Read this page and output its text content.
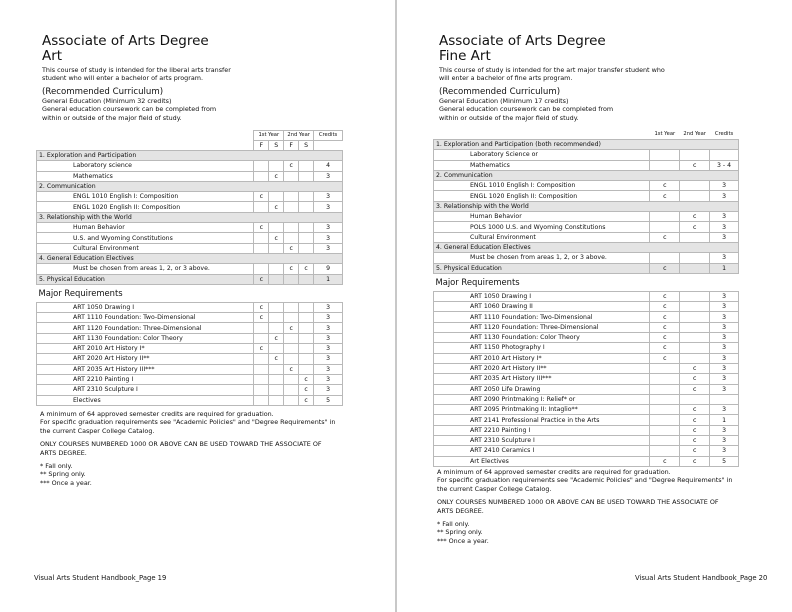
Associate of Arts Degree
Art
This course of study is intended for the liberal arts transfer
student who will enter a bachelor of arts program.
(Recommended Curriculum)
General Education (Minimum 32 credits)
General education coursework can be completed from
within or outside of the major field of study.
	1st Year		2nd Year		Credits
	F	S	F	S	
1. Exploration and Participation					
Laboratory science			c		4
Mathematics		c			3
2. Communication					
ENGL 1010 English I: Composition	c				3
ENGL 1020 English II: Composition		c			3
3. Relationship with the World					
Human Behavior	c				3
U.S. and Wyoming Constitutions		c			3
Cultural Environment			c		3
4. General Education Electives					
Must be chosen from areas 1, 2, or 3 above.			c	c	9
5. Physical Education	c				1
Major Requirements					
ART 1050 Drawing I	c				3
ART 1110 Foundation: Two-Dimensional	c				3
ART 1120 Foundation: Three-Dimensional			c		3
ART 1130 Foundation: Color Theory		c			3
ART 2010 Art History I*	c				3
ART 2020 Art History II**		c			3
ART 2035 Art History III***			c		3
ART 2210 Painting I				c	3
ART 2310 Sculpture I				c	3
Electives				c	5

A minimum of 64 approved semester credits are required for graduation.

For specific graduation requirements see "Academic Policies" and "Degree Requirements" in

the current Casper College Catalog.

ONLY COURSES NUMBERED 1000 OR ABOVE CAN BE USED TOWARD THE ASSOCIATE OF

ARTS DEGREE.

* Fall only.

** Spring only.

*** Once a year.

Visual Arts Student Handbook_Page 19
Associate of Arts Degree
Fine Art
This course of study is intended for the art major transfer student who
will enter a bachelor of fine arts program.
(Recommended Curriculum)
General Education (Minimum 17 credits)
General education coursework can be completed from
within or outside of the major field of study.
	1st Year	2nd Year	Credits
1. Exploration and Participation (both recommended)			
Laboratory Science or			
Mathematics		c	3 - 4
2. Communication			
ENGL 1010 English I: Composition	c		3
ENGL 1020 English II: Composition	c		3
3. Relationship with the World			
Human Behavior		c	3
POLS 1000 U.S. and Wyoming Constitutions		c	3
Cultural Environment	c		3
4. General Education Electives			
Must be chosen from areas 1, 2, or 3 above.			3
5. Physical Education	c		1
Major Requirements			
ART 1050 Drawing I	c		3
ART 1060 Drawing II	c		3
ART 1110 Foundation: Two-Dimensional	c		3
ART 1120 Foundation: Three-Dimensional	c		3
ART 1130 Foundation: Color Theory	c		3
ART 1150 Photography I	c		3
ART 2010 Art History I*	c		3
ART 2020 Art History II**		c	3
ART 2035 Art History III***		c	3
ART 2050 Life Drawing		c	3
ART 2090 Printmaking I: Relief* or			
ART 2095 Printmaking II: Intaglio**		c	3
ART 2141 Professional Practice in the Arts		c	1
ART 2210 Painting I		c	3
ART 2310 Sculpture I		c	3
ART 2410 Ceramics I		c	3
Art Electives	c	c	5

A minimum of 64 approved semester credits are required for graduation.

For specific graduation requirements see "Academic Policies" and "Degree Requirements" in

the current Casper College Catalog.

ONLY COURSES NUMBERED 1000 OR ABOVE CAN BE USED TOWARD THE ASSOCIATE OF

ARTS DEGREE.

* Fall only.

** Spring only.

*** Once a year.

Visual Arts Student Handbook_Page 20
